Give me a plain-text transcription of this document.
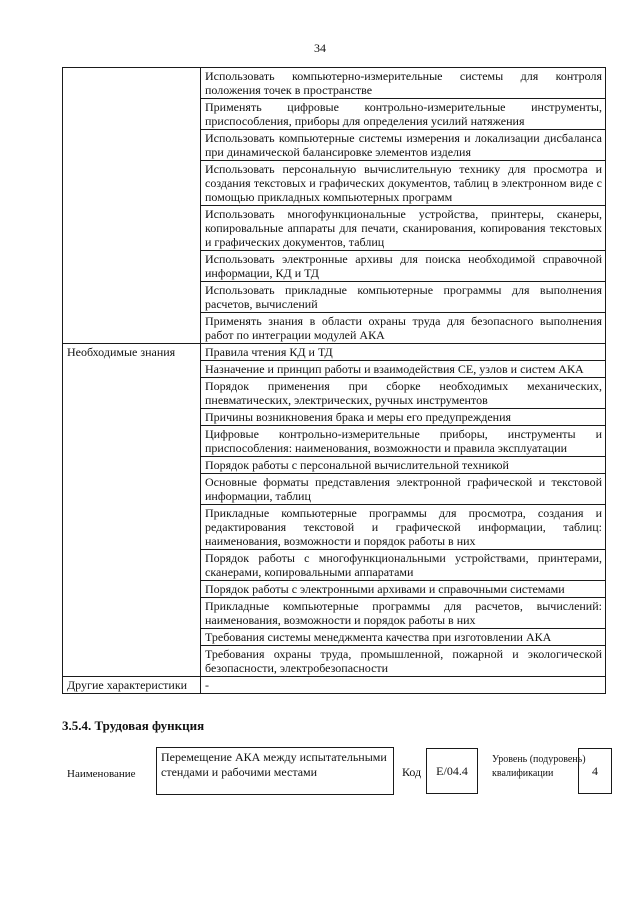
34
	Использовать компьютерно-измерительные системы для контроля положения точек в пространстве
	Применять цифровые контрольно-измерительные инструменты, приспособления, приборы для определения усилий натяжения
	Использовать компьютерные системы измерения и локализации дисбаланса при динамической балансировке элементов изделия
	Использовать персональную вычислительную технику для просмотра и создания текстовых и графических документов, таблиц в электронном виде с помощью прикладных компьютерных программ
	Использовать многофункциональные устройства, принтеры, сканеры, копировальные аппараты для печати, сканирования, копирования текстовых и графических документов, таблиц
	Использовать электронные архивы для поиска необходимой справочной информации, КД и ТД
	Использовать прикладные компьютерные программы для выполнения расчетов, вычислений
	Применять знания в области охраны труда для безопасного выполнения работ по интеграции модулей АКА
Необходимые знания	Правила чтения КД и ТД
	Назначение и принцип работы и взаимодействия СЕ, узлов и систем АКА
	Порядок применения при сборке необходимых механических, пневматических, электрических, ручных инструментов
	Причины возникновения брака и меры его предупреждения
	Цифровые контрольно-измерительные приборы, инструменты и приспособления: наименования, возможности и правила эксплуатации
	Порядок работы с персональной вычислительной техникой
	Основные форматы представления электронной графической и текстовой информации, таблиц
	Прикладные компьютерные программы для просмотра, создания и редактирования текстовой и графической информации, таблиц: наименования, возможности и порядок работы в них
	Порядок работы с многофункциональными устройствами, принтерами, сканерами, копировальными аппаратами
	Порядок работы с электронными архивами и справочными системами
	Прикладные компьютерные программы для расчетов, вычислений: наименования, возможности и порядок работы в них
	Требования системы менеджмента качества при изготовлении АКА
	Требования охраны труда, промышленной, пожарной и экологической безопасности, электробезопасности
Другие характеристики	-
3.5.4. Трудовая функция
Наименование
Перемещение АКА между испытательными стендами и рабочими местами	Код	E/04.4
Уровень (подуровень) квалификации	4
